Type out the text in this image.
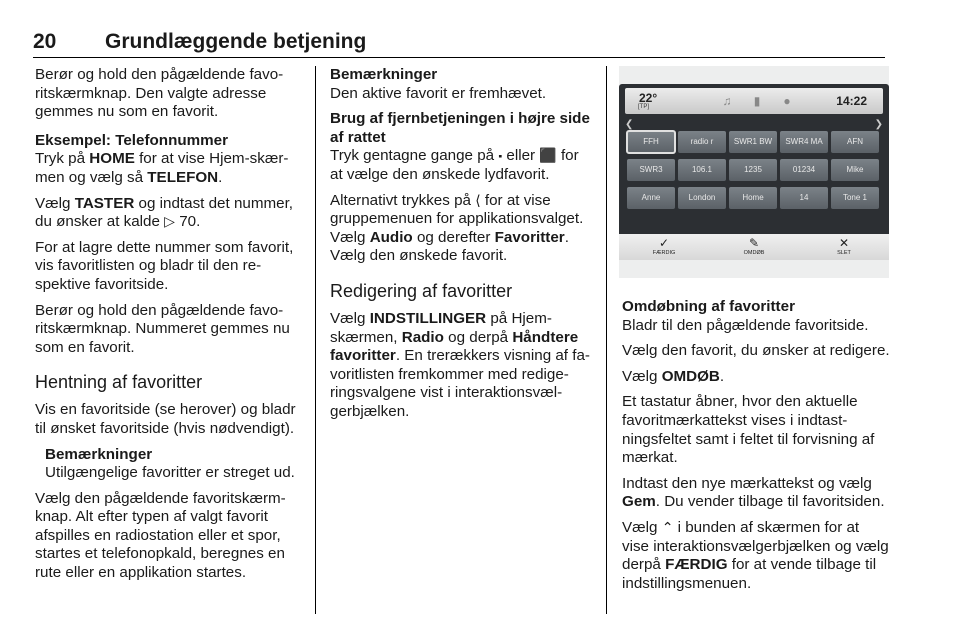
20 Grundlæggende betjening

Berør og hold den pågældende favoritskærmknap. Den valgte adresse gemmes nu som en favorit.

Eksempel: Telefonnummer

Tryk på HOME for at vise Hjem-skærmen og vælg så TELEFON.

Vælg TASTER og indtast det nummer, du ønsker at kalde ▷ 70.

For at lagre dette nummer som favorit, vis favoritlisten og bladr til den respektive favoritside.

Berør og hold den pågældende favoritskærmknap. Nummeret gemmes nu som en favorit.

Hentning af favoritter

Vis en favoritside (se herover) og bladr til ønsket favoritside (hvis nødvendigt).

Bemærkninger

Utilgængelige favoritter er streget ud.

Vælg den pågældende favoritskærmknap. Alt efter typen af valgt favorit afspilles en radiostation eller et spor, startes et telefonopkald, beregnes en rute eller en applikation startes.

Bemærkninger

Den aktive favorit er fremhævet.

Brug af fjernbetjeningen i højre side af rattet

Tryk gentagne gange på ⬝ eller ⬛ for at vælge den ønskede lydfavorit.

Alternativt trykkes på ⟨ for at vise gruppemenuen for applikationsvalget. Vælg Audio og derefter Favoritter. Vælg den ønskede favorit.

Redigering af favoritter

Vælg INDSTILLINGER på Hjem-skærmen, Radio og derpå Håndtere favoritter. En trerækkers visning af favoritlisten fremkommer med redigeringsvalgene vist i interaktionsvælgerbjælken.

22°
[TP]	♫	▮	●	14:22
❮	❯
FFH	radio r	SWR1 BW	SWR4 MA	AFN
SWR3	106.1	1235	01234	Mike
Anne	London	Home	14	Tone 1
✓
FÆRDIG
✎
OMDØB
✕
SLET

Omdøbning af favoritter

Bladr til den pågældende favoritside.

Vælg den favorit, du ønsker at redigere.

Vælg OMDØB.

Et tastatur åbner, hvor den aktuelle favoritmærkattekst vises i indtastningsfeltet samt i feltet til forvisning af mærkat.

Indtast den nye mærkattekst og vælg Gem. Du vender tilbage til favoritsiden.

Vælg ⌃ i bunden af skærmen for at vise interaktionsvælgerbjælken og vælg derpå FÆRDIG for at vende tilbage til indstillingsmenuen.
